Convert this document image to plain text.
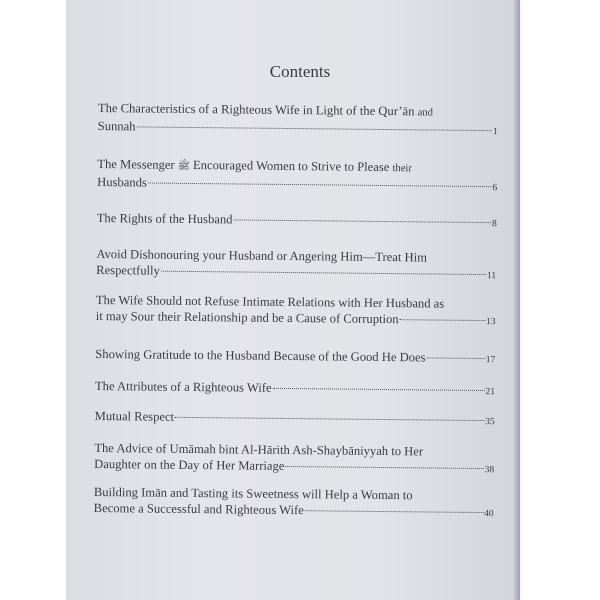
Contents
The Characteristics of a Righteous Wife in Light of the Qur’ān
and
Sunnah	1
The Messenger
ﷺ
Encouraged Women to Strive to Please
their
Husbands	6
The Rights of the Husband	8
Avoid Dishonouring your Husband or Angering Him—Treat Him
Respectfully	11
The Wife Should not Refuse Intimate Relations with Her Husband as
it may Sour their Relationship and be a Cause of Corruption	13
Showing Gratitude to the Husband Because of the Good He Does	17
The Attributes of a Righteous Wife	21
Mutual Respect	35
The Advice of Umāmah bint Al-Hārith Ash-Shaybāniyyah to Her
Daughter on the Day of Her Marriage	38
Building Imān and Tasting its Sweetness will Help a Woman to
Become a Successful and Righteous Wife	40
